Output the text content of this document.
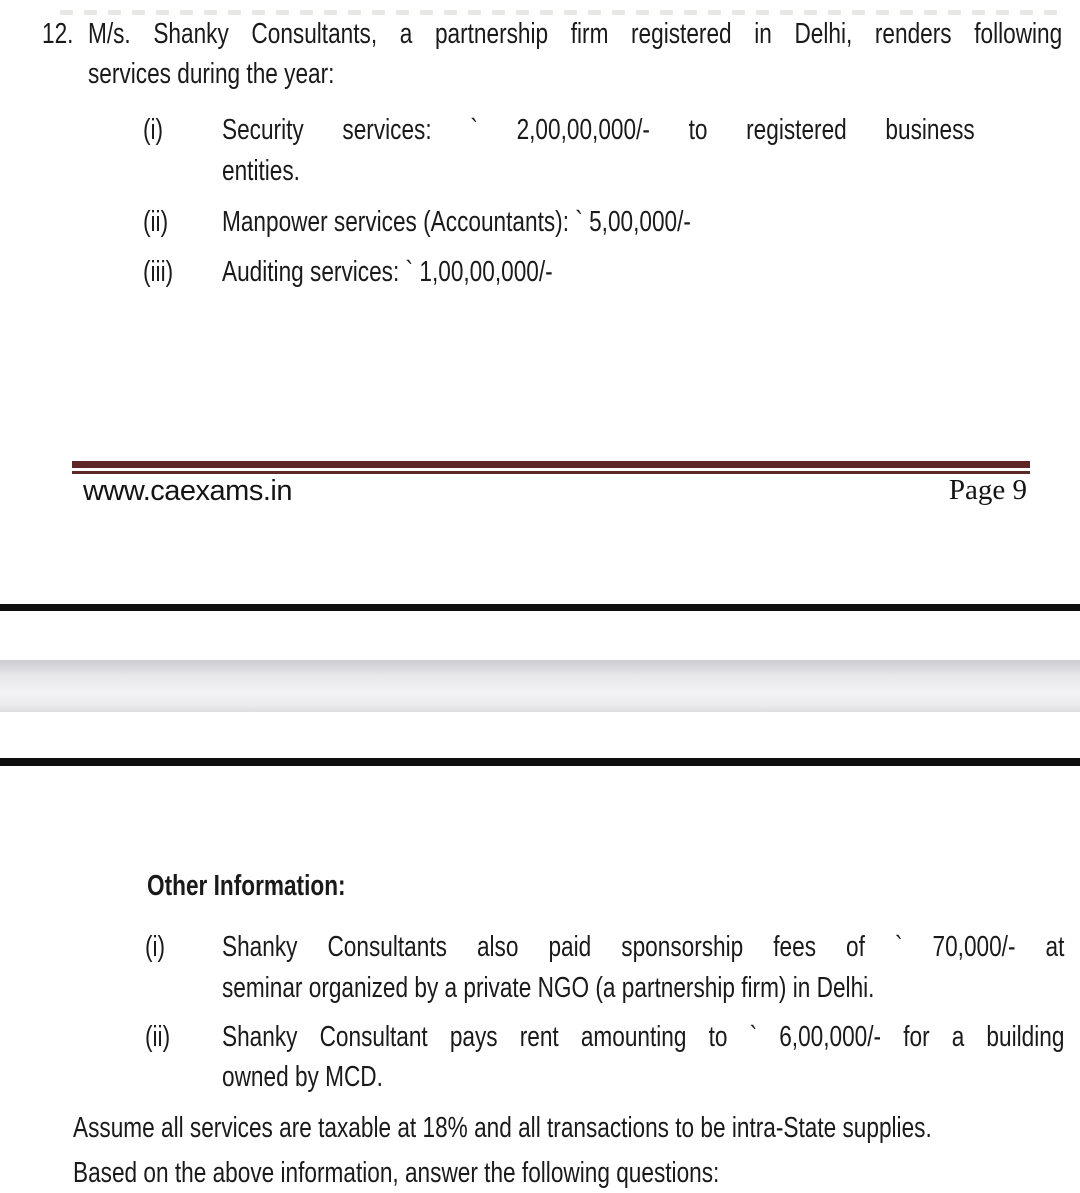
12. M/s. Shanky Consultants, a partnership firm registered in Delhi, renders following
services during the year:
(i) Security services: ` 2,00,00,000/- to registered business
entities.
(ii) Manpower services (Accountants): ` 5,00,000/-
(iii) Auditing services: ` 1,00,00,000/-
www.caexams.in	Page 9
Other Information:
(i) Shanky Consultants also paid sponsorship fees of ` 70,000/- at
seminar organized by a private NGO (a partnership firm) in Delhi.
(ii) Shanky Consultant pays rent amounting to ` 6,00,000/- for a building
owned by MCD.
Assume all services are taxable at 18% and all transactions to be intra-State supplies.
Based on the above information, answer the following questions:
